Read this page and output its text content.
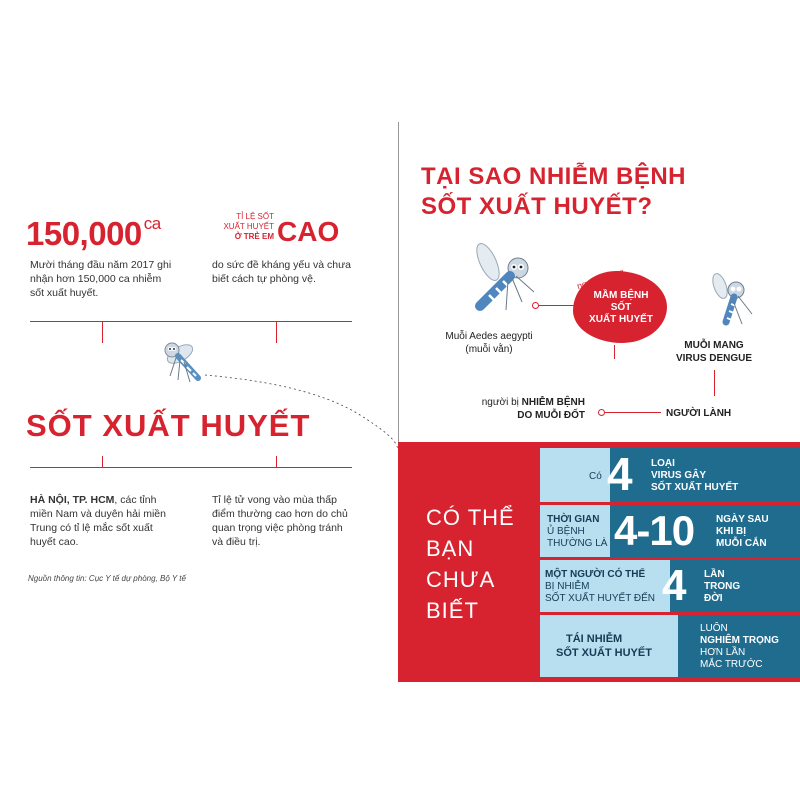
150,000 $^{ca}$
Mười tháng đầu năm 2017 ghi
nhận hơn 150,000 ca nhiễm
sốt xuất huyết.
TỈ LỆ SỐT
XUẤT HUYẾT
Ở TRẺ EM CAO
do sức đề kháng yếu và chưa
biết cách tự phòng vệ.
SỐT XUẤT HUYẾT
HÀ NỘI, TP. HCM, các tỉnh
miền Nam và duyên hải miền
Trung có tỉ lệ mắc sốt xuất
huyết cao.
Tỉ lệ tử vong vào mùa thấp
điểm thường cao hơn do chủ
quan trọng việc phòng tránh
và điều trị.
Nguồn thông tin: Cục Y tế dự phòng, Bộ Y tế
TẠI SAO NHIỄM BỆNH
SỐT XUẤT HUYẾT?
Muỗi Aedes aegypti
(muỗi vằn)
người mang
MẦM BỆNH
SỐT
XUẤT HUYẾT
MUỖI MANG
VIRUS DENGUE
NGƯỜI LÀNH
người bị NHIỄM BỆNH
DO MUỖI ĐỐT
CÓ THỂ
BẠN
CHƯA
BIẾT
Có 4 LOẠI
VIRUS GÂY
SỐT XUẤT HUYẾT
THỜI GIAN
Ủ BỆNH
THƯỜNG LÀ 4-10 NGÀY SAU
KHI BỊ
MUỖI CẮN
MỘT NGƯỜI CÓ THỂ
BỊ NHIỄM
SỐT XUẤT HUYẾT ĐẾN 4 LẦN
TRONG
ĐỜI
TÁI NHIỄM
SỐT XUẤT HUYẾT
LUÔN
NGHIÊM TRỌNG
HƠN LẦN
MẮC TRƯỚC
